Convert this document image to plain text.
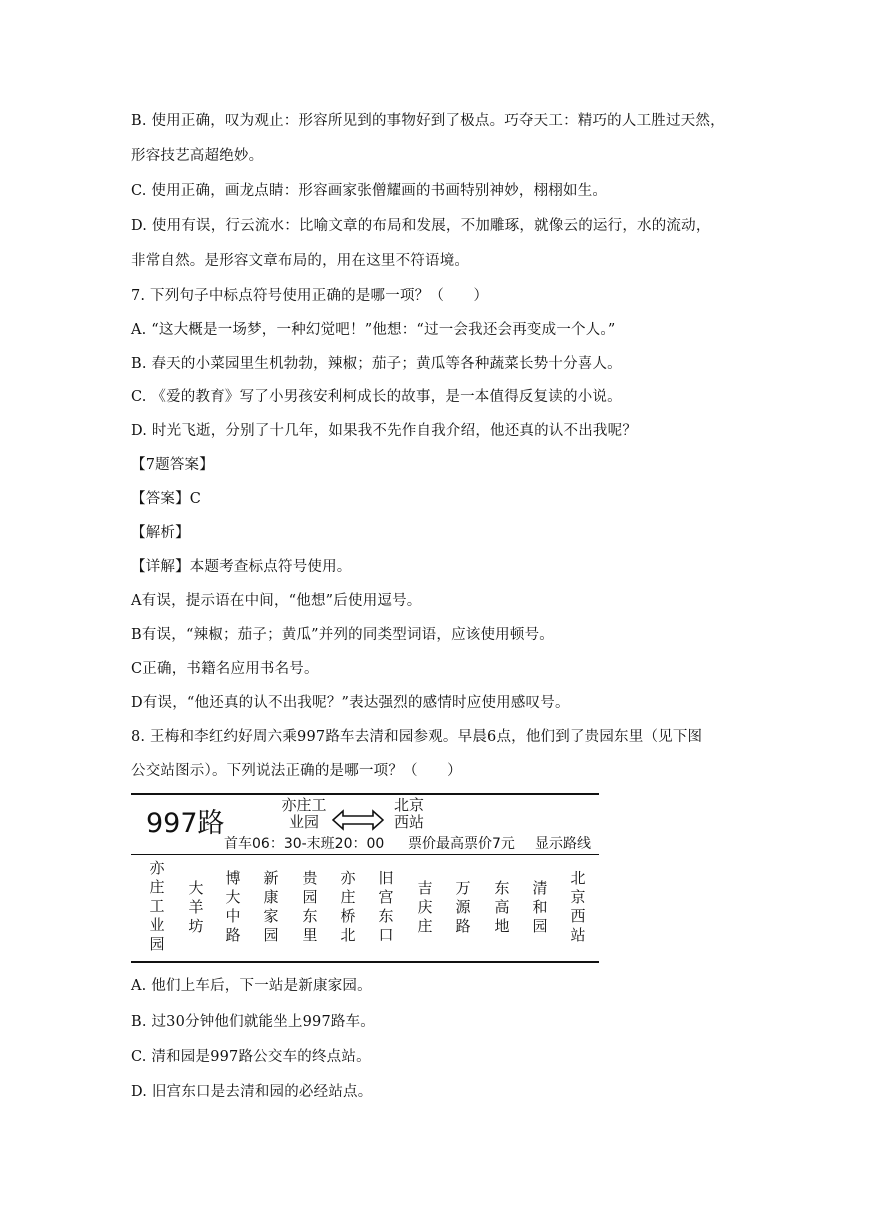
B. 使用正确，叹为观止：形容所见到的事物好到了极点。巧夺天工：精巧的人工胜过天然，
形容技艺高超绝妙。
C. 使用正确，画龙点睛：形容画家张僧耀画的书画特别神妙，栩栩如生。
D. 使用有误，行云流水：比喻文章的布局和发展，不加雕琢，就像云的运行，水的流动，
非常自然。是形容文章布局的，用在这里不符语境。
7. 下列句子中标点符号使用正确的是哪一项？（　　）
A. “这大概是一场梦，一种幻觉吧！”他想：“过一会我还会再变成一个人。”
B. 春天的小菜园里生机勃勃，辣椒；茄子；黄瓜等各种蔬菜长势十分喜人。
C. 《爱的教育》写了小男孩安利柯成长的故事，是一本值得反复读的小说。
D. 时光飞逝，分别了十几年，如果我不先作自我介绍，他还真的认不出我呢？
【7题答案】
【答案】C
【解析】
【详解】本题考查标点符号使用。
A有误，提示语在中间，“他想”后使用逗号。
B有误，“辣椒；茄子；黄瓜”并列的同类型词语，应该使用顿号。
C正确，书籍名应用书名号。
D有误，“他还真的认不出我呢？”表达强烈的感情时应使用感叹号。
8. 王梅和李红约好周六乘997路车去清和园参观。早晨6点，他们到了贵园东里（见下图
公交站图示）。下列说法正确的是哪一项？（　　）
997路
亦庄工
业园
北京
西站
首车06：30-末班20：00 票价最高票价7元 显示路线
亦庄工业园
大羊坊
博大中路
新康家园
贵园东里
亦庄桥北
旧宫东口
吉庆庄
万源路
东高地
清和园
北京西站
A. 他们上车后，下一站是新康家园。
B. 过30分钟他们就能坐上997路车。
C. 清和园是997路公交车的终点站。
D. 旧宫东口是去清和园的必经站点。
